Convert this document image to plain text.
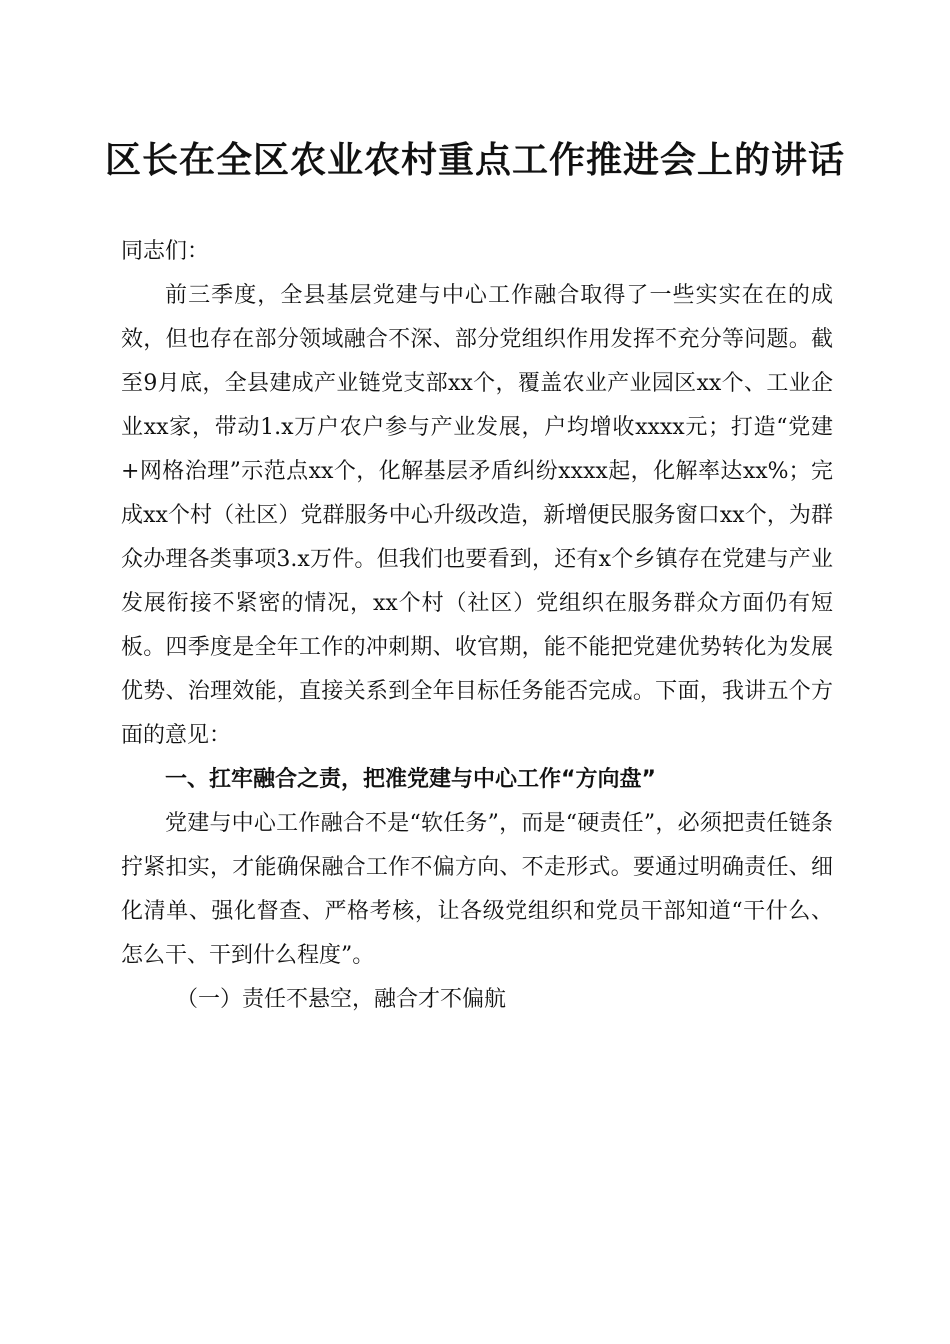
区长在全区农业农村重点工作推进会上的讲话

同志们：

前三季度，全县基层党建与中心工作融合取得了一些实实在在的成效，但也存在部分领域融合不深、部分党组织作用发挥不充分等问题。截至9月底，全县建成产业链党支部xx个，覆盖农业产业园区xx个、工业企业xx家，带动1.x万户农户参与产业发展，户均增收xxxx元；打造“党建+网格治理”示范点xx个，化解基层矛盾纠纷xxxx起，化解率达xx%；完成xx个村（社区）党群服务中心升级改造，新增便民服务窗口xx个，为群众办理各类事项3.x万件。但我们也要看到，还有x个乡镇存在党建与产业发展衔接不紧密的情况，xx个村（社区）党组织在服务群众方面仍有短板。四季度是全年工作的冲刺期、收官期，能不能把党建优势转化为发展优势、治理效能，直接关系到全年目标任务能否完成。下面，我讲五个方面的意见：

一、扛牢融合之责，把准党建与中心工作“方向盘”

党建与中心工作融合不是“软任务”，而是“硬责任”，必须把责任链条拧紧扣实，才能确保融合工作不偏方向、不走形式。要通过明确责任、细化清单、强化督查、严格考核，让各级党组织和党员干部知道“干什么、怎么干、干到什么程度”。

（一）责任不悬空，融合才不偏航
